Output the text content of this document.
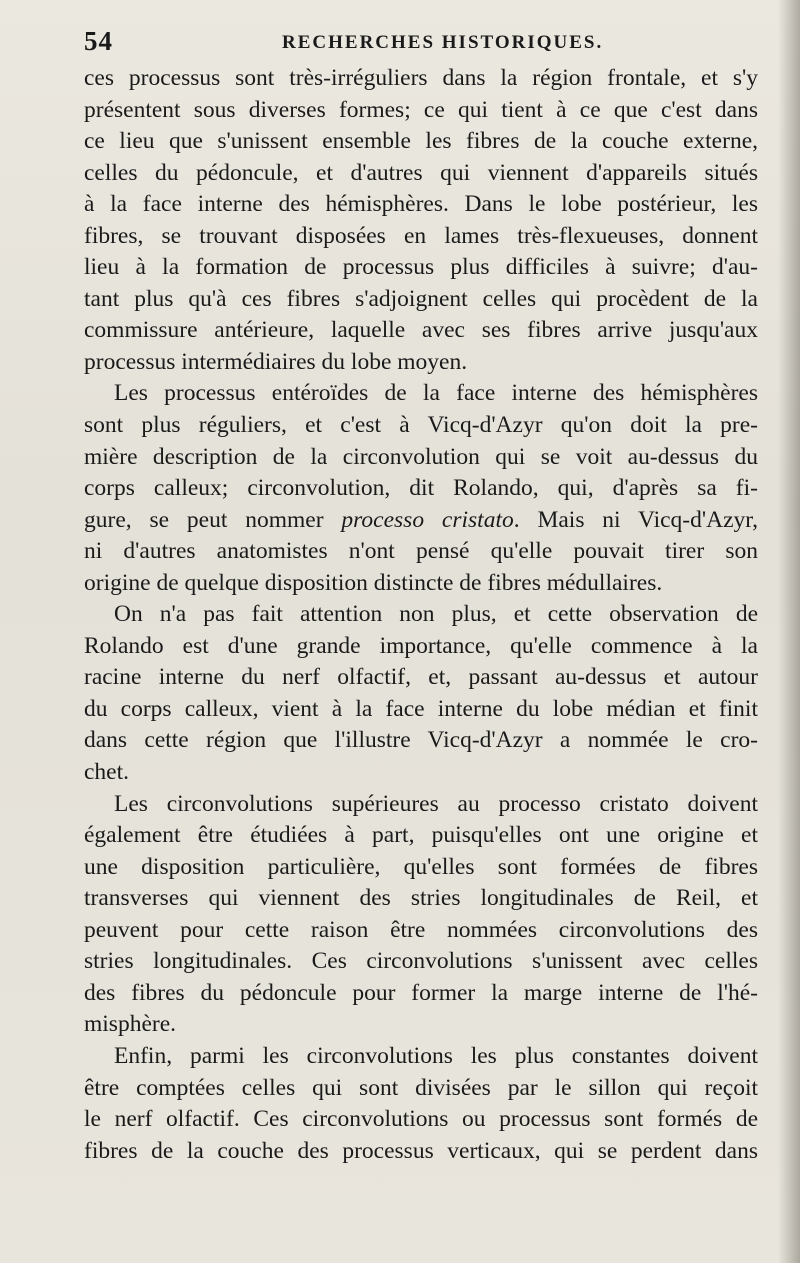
54	RECHERCHES HISTORIQUES.
ces processus sont très-irréguliers dans la région frontale, et s'y
présentent sous diverses formes; ce qui tient à ce que c'est dans
ce lieu que s'unissent ensemble les fibres de la couche externe,
celles du pédoncule, et d'autres qui viennent d'appareils situés
à la face interne des hémisphères. Dans le lobe postérieur, les
fibres, se trouvant disposées en lames très-flexueuses, donnent
lieu à la formation de processus plus difficiles à suivre; d'au-
tant plus qu'à ces fibres s'adjoignent celles qui procèdent de la
commissure antérieure, laquelle avec ses fibres arrive jusqu'aux
processus intermédiaires du lobe moyen.
Les processus entéroïdes de la face interne des hémisphères
sont plus réguliers, et c'est à Vicq-d'Azyr qu'on doit la pre-
mière description de la circonvolution qui se voit au-dessus du
corps calleux; circonvolution, dit Rolando, qui, d'après sa fi-
gure, se peut nommer processo cristato. Mais ni Vicq-d'Azyr,
ni d'autres anatomistes n'ont pensé qu'elle pouvait tirer son
origine de quelque disposition distincte de fibres médullaires.
On n'a pas fait attention non plus, et cette observation de
Rolando est d'une grande importance, qu'elle commence à la
racine interne du nerf olfactif, et, passant au-dessus et autour
du corps calleux, vient à la face interne du lobe médian et finit
dans cette région que l'illustre Vicq-d'Azyr a nommée le cro-
chet.
Les circonvolutions supérieures au processo cristato doivent
également être étudiées à part, puisqu'elles ont une origine et
une disposition particulière, qu'elles sont formées de fibres
transverses qui viennent des stries longitudinales de Reil, et
peuvent pour cette raison être nommées circonvolutions des
stries longitudinales. Ces circonvolutions s'unissent avec celles
des fibres du pédoncule pour former la marge interne de l'hé-
misphère.
Enfin, parmi les circonvolutions les plus constantes doivent
être comptées celles qui sont divisées par le sillon qui reçoit
le nerf olfactif. Ces circonvolutions ou processus sont formés de
fibres de la couche des processus verticaux, qui se perdent dans
